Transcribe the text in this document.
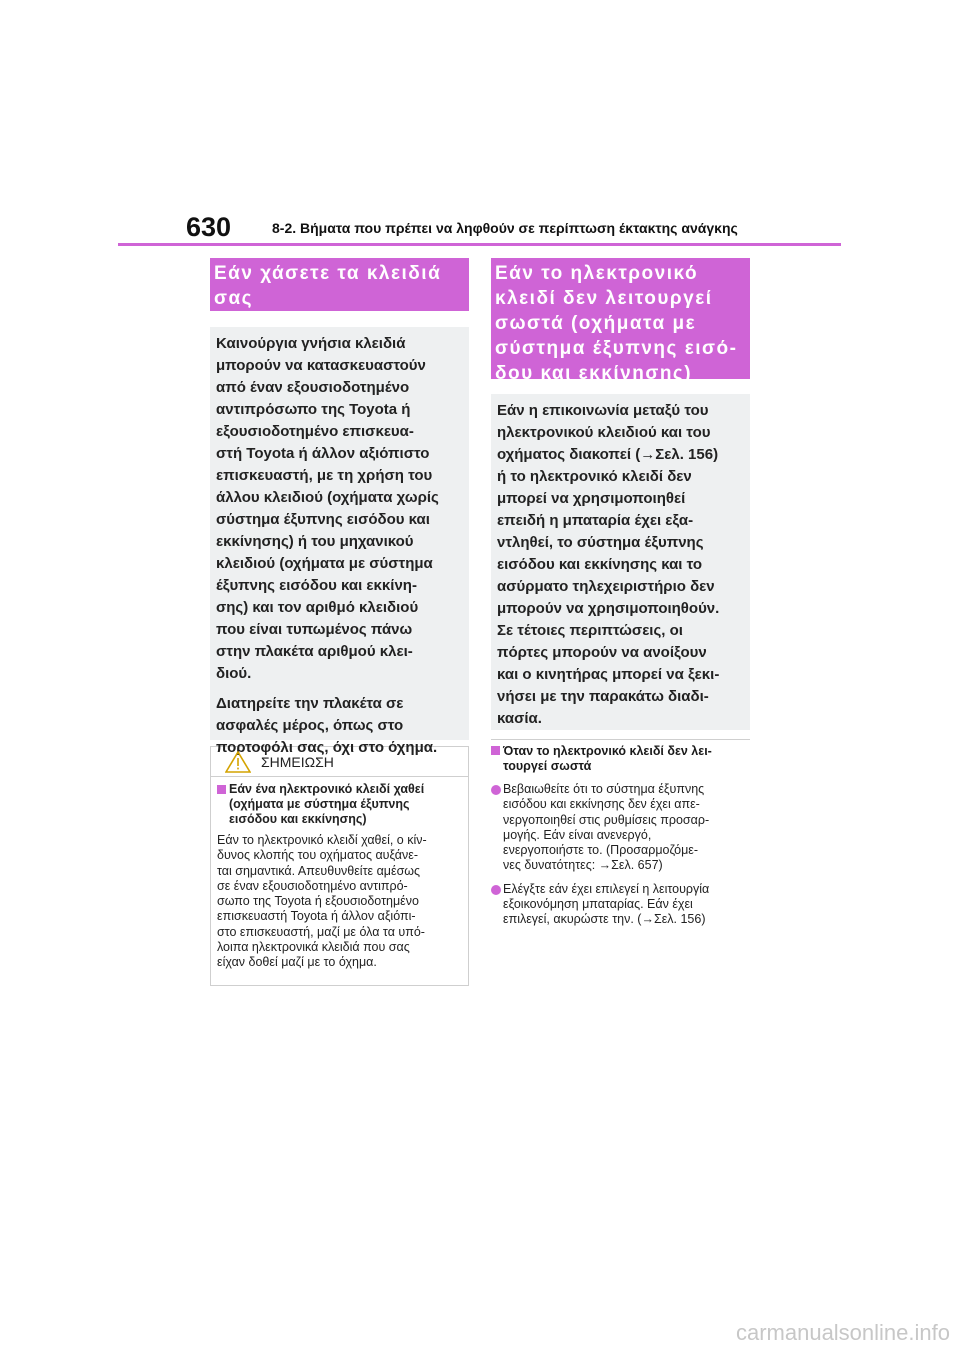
630	8-2. Βήματα που πρέπει να ληφθούν σε περίπτωση έκτακτης ανάγκης
Εάν χάσετε τα κλειδιά
σας
Καινούργια γνήσια κλειδιά
μπορούν να κατασκευαστούν
από έναν εξουσιοδοτημένο
αντιπρόσωπο της Toyota ή
εξουσιοδοτημένο επισκευα-
στή Toyota ή άλλον αξιόπιστο
επισκευαστή, με τη χρήση του
άλλου κλειδιού (οχήματα χωρίς
σύστημα έξυπνης εισόδου και
εκκίνησης) ή του μηχανικού
κλειδιού (οχήματα με σύστημα
έξυπνης εισόδου και εκκίνη-
σης) και τον αριθμό κλειδιού
που είναι τυπωμένος πάνω
στην πλακέτα αριθμού κλει-
διού.
Διατηρείτε την πλακέτα σε
ασφαλές μέρος, όπως στο
πορτοφόλι σας, όχι στο όχημα.
ΣΗΜΕΙΩΣΗ
Εάν ένα ηλεκτρονικό κλειδί χαθεί
(οχήματα με σύστημα έξυπνης
εισόδου και εκκίνησης)
Εάν το ηλεκτρονικό κλειδί χαθεί, ο κίν-
δυνος κλοπής του οχήματος αυξάνε-
ται σημαντικά. Απευθυνθείτε αμέσως
σε έναν εξουσιοδοτημένο αντιπρό-
σωπο της Toyota ή εξουσιοδοτημένο
επισκευαστή Toyota ή άλλον αξιόπι-
στο επισκευαστή, μαζί με όλα τα υπό-
λοιπα ηλεκτρονικά κλειδιά που σας
είχαν δοθεί μαζί με το όχημα.
Εάν το ηλεκτρονικό
κλειδί δεν λειτουργεί
σωστά (οχήματα με
σύστημα έξυπνης εισό-
δου και εκκίνησης)
Εάν η επικοινωνία μεταξύ του
ηλεκτρονικού κλειδιού και του
οχήματος διακοπεί (→Σελ. 156)
ή το ηλεκτρονικό κλειδί δεν
μπορεί να χρησιμοποιηθεί
επειδή η μπαταρία έχει εξα-
ντληθεί, το σύστημα έξυπνης
εισόδου και εκκίνησης και το
ασύρματο τηλεχειριστήριο δεν
μπορούν να χρησιμοποιηθούν.
Σε τέτοιες περιπτώσεις, οι
πόρτες μπορούν να ανοίξουν
και ο κινητήρας μπορεί να ξεκι-
νήσει με την παρακάτω διαδι-
κασία.
Όταν το ηλεκτρονικό κλειδί δεν λει-
τουργεί σωστά
Βεβαιωθείτε ότι το σύστημα έξυπνης
εισόδου και εκκίνησης δεν έχει απε-
νεργοποιηθεί στις ρυθμίσεις προσαρ-
μογής. Εάν είναι ανενεργό,
ενεργοποιήστε το. (Προσαρμοζόμε-
νες δυνατότητες: →Σελ. 657)
Ελέγξτε εάν έχει επιλεγεί η λειτουργία
εξοικονόμηση μπαταρίας. Εάν έχει
επιλεγεί, ακυρώστε την. (→Σελ. 156)
carmanualsonline.info
